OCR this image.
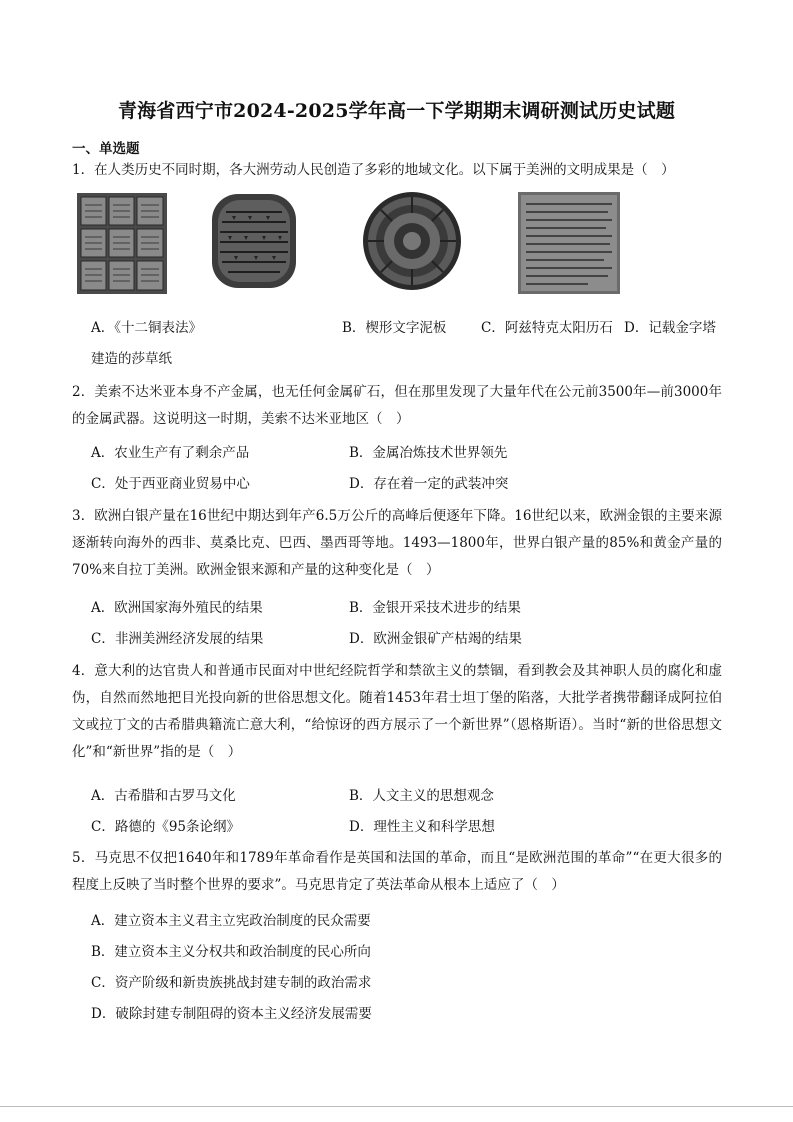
青海省西宁市2024-2025学年高一下学期期末调研测试历史试题
一、单选题
1．在人类历史不同时期，各大洲劳动人民创造了多彩的地域文化。以下属于美洲的文明成果是（　）
A．《十二铜表法》	B．楔形文字泥板	C．阿兹特克太阳历石 D．记载金字塔
建造的莎草纸
2．美索不达米亚本身不产金属，也无任何金属矿石，但在那里发现了大量年代在公元前3500年—前3000年的金属武器。这说明这一时期，美索不达米亚地区（　）
A．农业生产有了剩余产品	B．金属冶炼技术世界领先
C．处于西亚商业贸易中心	D．存在着一定的武装冲突
3．欧洲白银产量在16世纪中期达到年产6.5万公斤的高峰后便逐年下降。16世纪以来，欧洲金银的主要来源逐渐转向海外的西非、莫桑比克、巴西、墨西哥等地。1493—1800年，世界白银产量的85%和黄金产量的70%来自拉丁美洲。欧洲金银来源和产量的这种变化是（　）
A．欧洲国家海外殖民的结果	B．金银开采技术进步的结果
C．非洲美洲经济发展的结果	D．欧洲金银矿产枯竭的结果
4．意大利的达官贵人和普通市民面对中世纪经院哲学和禁欲主义的禁锢，看到教会及其神职人员的腐化和虚伪，自然而然地把目光投向新的世俗思想文化。随着1453年君士坦丁堡的陷落，大批学者携带翻译成阿拉伯文或拉丁文的古希腊典籍流亡意大利，“给惊讶的西方展示了一个新世界”（恩格斯语）。当时“新的世俗思想文化”和“新世界”指的是（　）
A．古希腊和古罗马文化	B．人文主义的思想观念
C．路德的《95条论纲》	D．理性主义和科学思想
5．马克思不仅把1640年和1789年革命看作是英国和法国的革命，而且“是欧洲范围的革命”“在更大很多的程度上反映了当时整个世界的要求”。马克思肯定了英法革命从根本上适应了（　）
A．建立资本主义君主立宪政治制度的民众需要
B．建立资本主义分权共和政治制度的民心所向
C．资产阶级和新贵族挑战封建专制的政治需求
D．破除封建专制阻碍的资本主义经济发展需要
